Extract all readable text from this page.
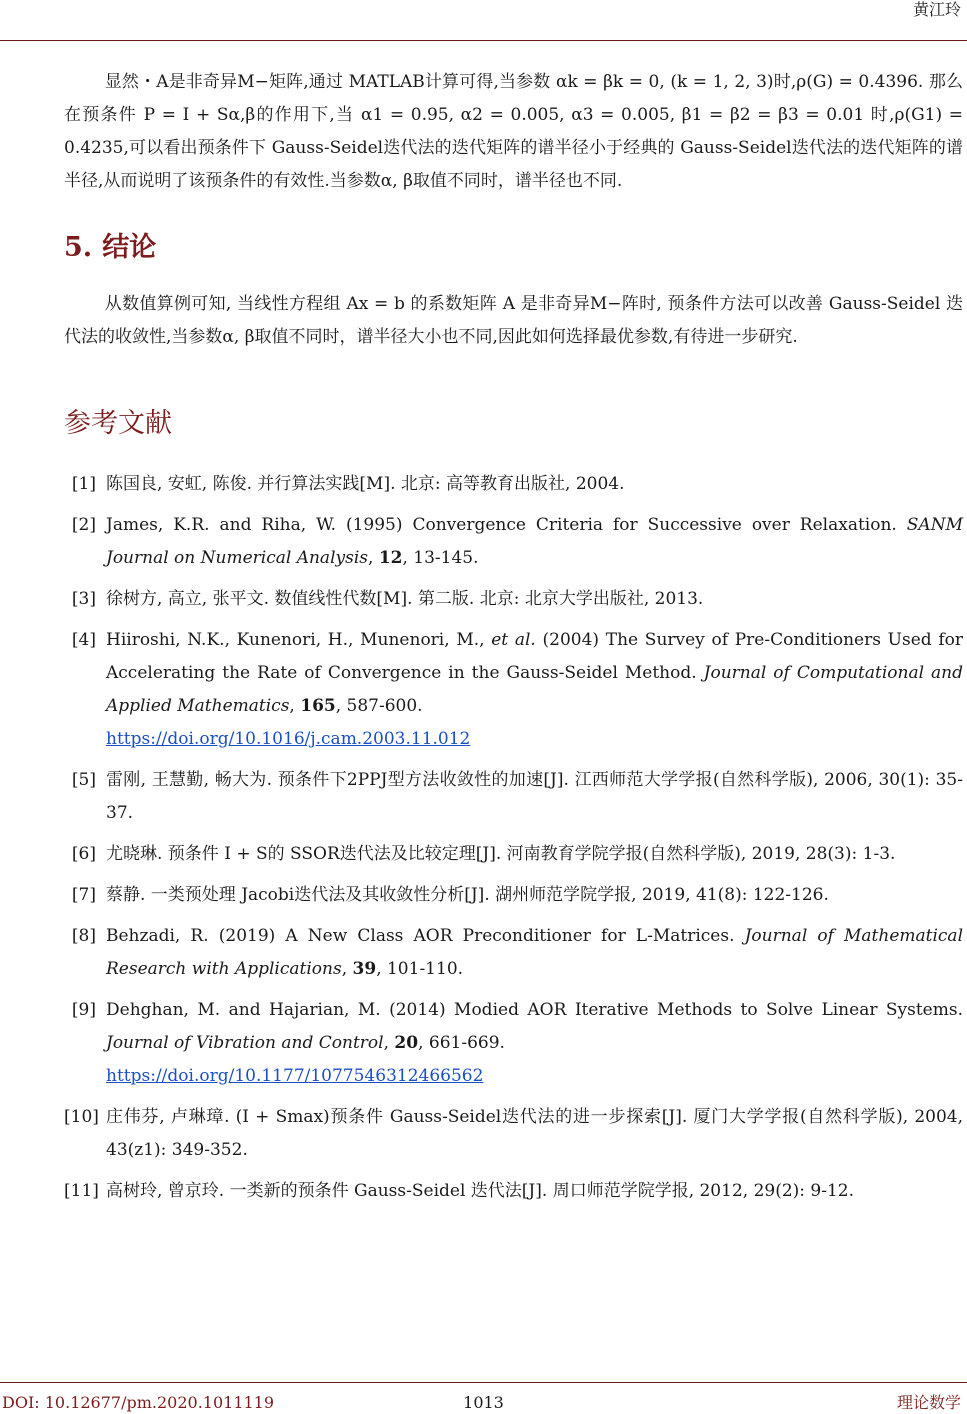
黄江玲

显然・A是非奇异M−矩阵,通过 MATLAB计算可得,当参数 αk = βk = 0, (k = 1, 2, 3)时,ρ(G) = 0.4396. 那么在预条件 P = I + Sα,β的作用下,当 α1 = 0.95, α2 = 0.005, α3 = 0.005, β1 = β2 = β3 = 0.01 时,ρ(G1) = 0.4235,可以看出预条件下 Gauss-Seidel迭代法的迭代矩阵的谱半径小于经典的 Gauss-Seidel迭代法的迭代矩阵的谱半径,从而说明了该预条件的有效性.当参数α, β取值不同时，谱半径也不同.

5. 结论

从数值算例可知, 当线性方程组 Ax = b 的系数矩阵 A 是非奇异M−阵时, 预条件方法可以改善 Gauss-Seidel 迭代法的收敛性,当参数α, β取值不同时，谱半径大小也不同,因此如何选择最优参数,有待进一步研究.

参考文献
[1] 陈国良, 安虹, 陈俊. 并行算法实践[M]. 北京: 高等教育出版社, 2004.
[2] James, K.R. and Riha, W. (1995) Convergence Criteria for Successive over Relaxation. SANM Journal on Numerical Analysis, 12, 13-145.
[3] 徐树方, 高立, 张平文. 数值线性代数[M]. 第二版. 北京: 北京大学出版社, 2013.
[4] Hiiroshi, N.K., Kunenori, H., Munenori, M., et al. (2004) The Survey of Pre-Conditioners Used for Accelerating the Rate of Convergence in the Gauss-Seidel Method. Journal of Computational and Applied Mathematics, 165, 587-600.
https://doi.org/10.1016/j.cam.2003.11.012
[5] 雷刚, 王慧勤, 畅大为. 预条件下2PPJ型方法收敛性的加速[J]. 江西师范大学学报(自然科学版), 2006, 30(1): 35-37.
[6] 尤晓琳. 预条件 I + S的 SSOR迭代法及比较定理[J]. 河南教育学院学报(自然科学版), 2019, 28(3): 1-3.
[7] 蔡静. 一类预处理 Jacobi迭代法及其收敛性分析[J]. 湖州师范学院学报, 2019, 41(8): 122-126.
[8] Behzadi, R. (2019) A New Class AOR Preconditioner for L-Matrices. Journal of Mathematical Research with Applications, 39, 101-110.
[9] Dehghan, M. and Hajarian, M. (2014) Modied AOR Iterative Methods to Solve Linear Systems. Journal of Vibration and Control, 20, 661-669.
https://doi.org/10.1177/1077546312466562
[10] 庄伟芬, 卢琳璋. (I + Smax)预条件 Gauss-Seidel迭代法的进一步探索[J]. 厦门大学学报(自然科学版), 2004, 43(z1): 349-352.
[11] 高树玲, 曾京玲. 一类新的预条件 Gauss-Seidel 迭代法[J]. 周口师范学院学报, 2012, 29(2): 9-12.
DOI: 10.12677/pm.2020.1011119	1013	理论数学
